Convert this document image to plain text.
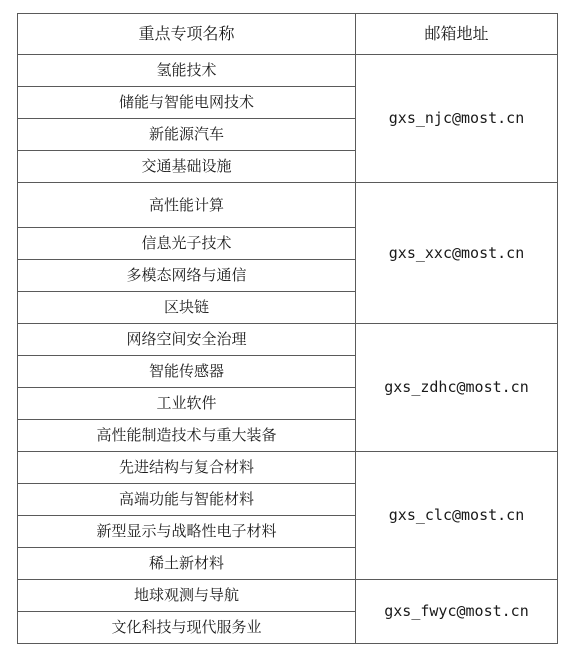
重点专项名称	邮箱地址
氢能技术	gxs_njc@most.cn
储能与智能电网技术	
新能源汽车	
交通基础设施	
高性能计算	gxs_xxc@most.cn
信息光子技术	
多模态网络与通信	
区块链	
网络空间安全治理	gxs_zdhc@most.cn
智能传感器	
工业软件	
高性能制造技术与重大装备	
先进结构与复合材料	gxs_clc@most.cn
高端功能与智能材料	
新型显示与战略性电子材料	
稀土新材料	
地球观测与导航	gxs_fwyc@most.cn
文化科技与现代服务业	
